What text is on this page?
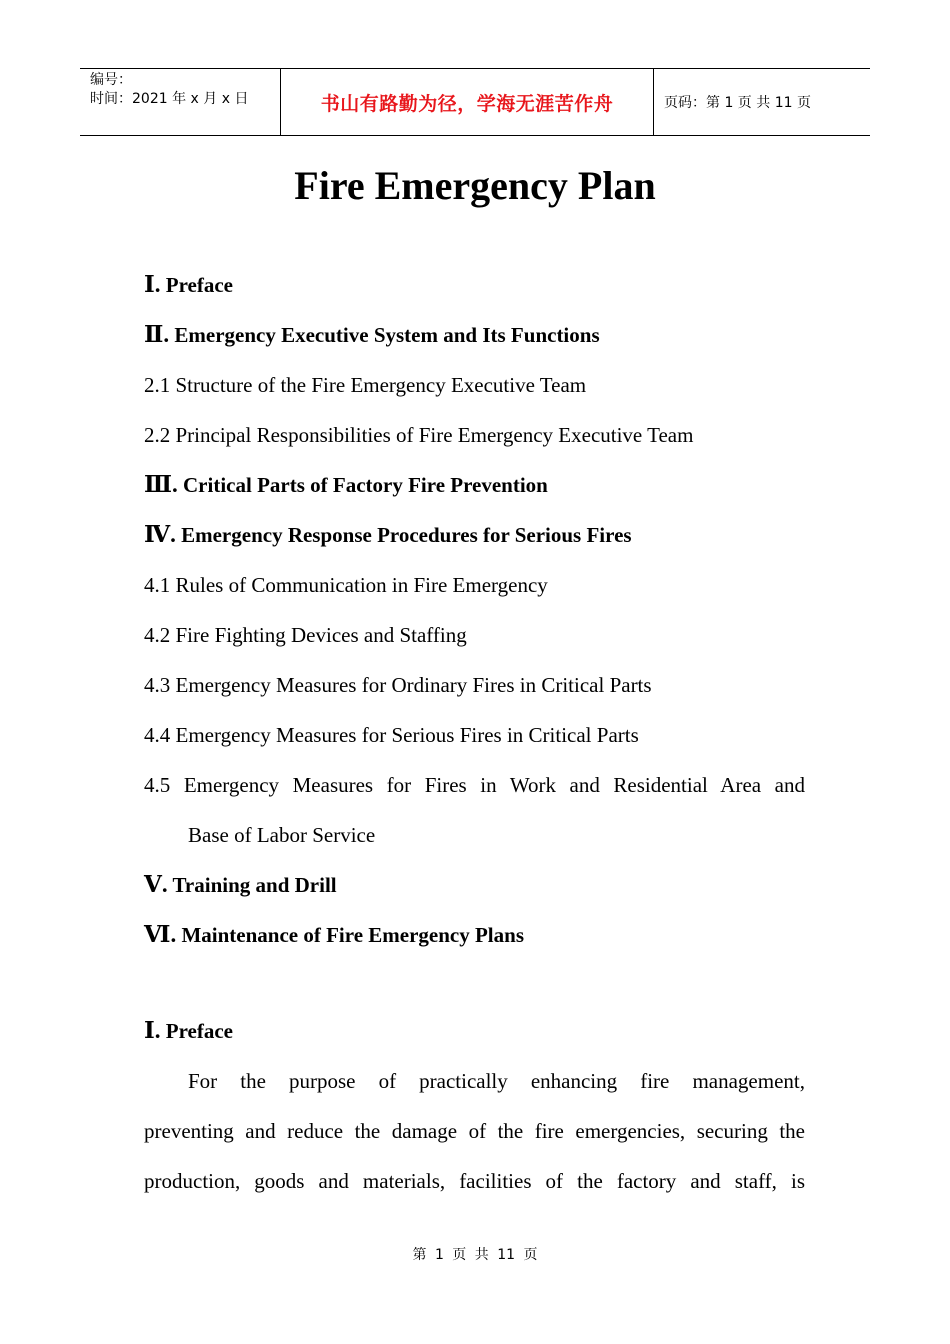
编号：
时间：2021 年 x 月 x 日	书山有路勤为径，学海无涯苦作舟	页码：第 1 页 共 11 页
Fire Emergency Plan
Ⅰ. Preface
Ⅱ. Emergency Executive System and Its Functions
2.1 Structure of the Fire Emergency Executive Team
2.2 Principal Responsibilities of Fire Emergency Executive Team
Ⅲ. Critical Parts of Factory Fire Prevention
Ⅳ. Emergency Response Procedures for Serious Fires
4.1 Rules of Communication in Fire Emergency
4.2 Fire Fighting Devices and Staffing
4.3 Emergency Measures for Ordinary Fires in Critical Parts
4.4 Emergency Measures for Serious Fires in Critical Parts
4.5 Emergency Measures for Fires in Work and Residential Area and
Base of Labor Service
Ⅴ. Training and Drill
Ⅵ. Maintenance of Fire Emergency Plans
Ⅰ. Preface
For the purpose of practically enhancing fire management,
preventing and reduce the damage of the fire emergencies, securing the
production, goods and materials, facilities of the factory and staff, is
第 1 页 共 11 页
